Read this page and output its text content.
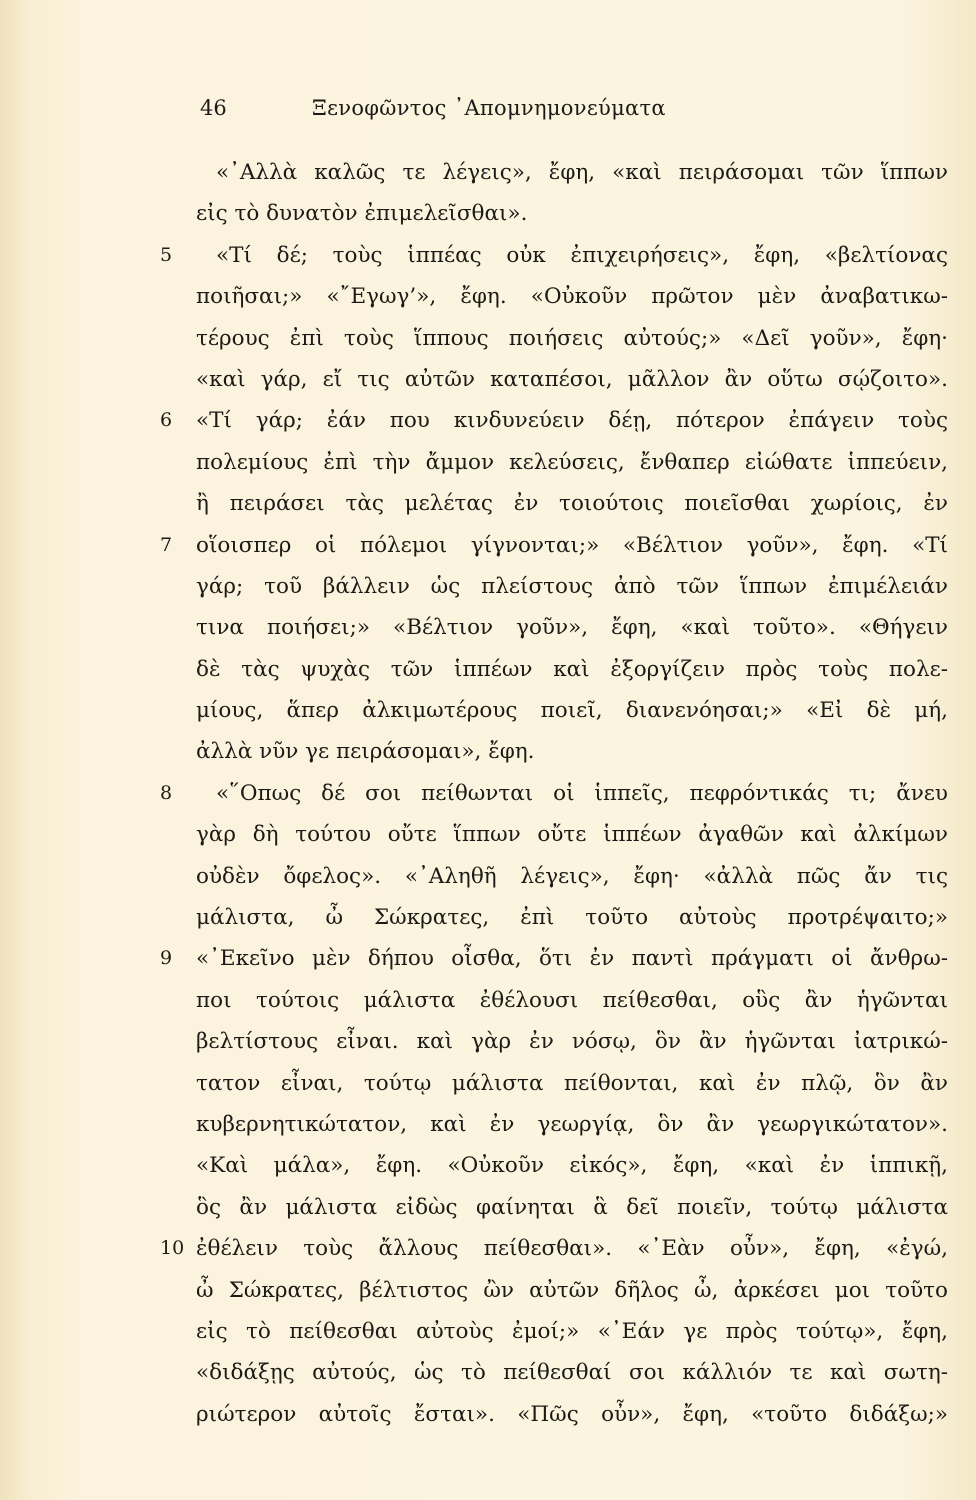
46	Ξενοφῶντος ᾿Απομνημονεύματα
«᾿Αλλὰ καλῶς τε λέγεις», ἔφη, «καὶ πειράσομαι τῶν ἵππων
εἰς τὸ δυνατὸν ἐπιμελεῖσθαι».
5	«Τί δέ; τοὺς ἱππέας οὐκ ἐπιχειρήσεις», ἔφη, «βελτίονας
ποιῆσαι;» «῎Εγωγ’», ἔφη. «Οὐκοῦν πρῶτον μὲν ἀναβατικω-
τέρους ἐπὶ τοὺς ἵππους ποιήσεις αὐτούς;» «Δεῖ γοῦν», ἔφη·
«καὶ γάρ, εἴ τις αὐτῶν καταπέσοι, μᾶλλον ἂν οὕτω σῴζοιτο».
6	«Τί γάρ; ἐάν που κινδυνεύειν δέῃ, πότερον ἐπάγειν τοὺς
πολεμίους ἐπὶ τὴν ἄμμον κελεύσεις, ἔνθαπερ εἰώθατε ἱππεύειν,
ἢ πειράσει τὰς μελέτας ἐν τοιούτοις ποιεῖσθαι χωρίοις, ἐν
7	οἵοισπερ οἱ πόλεμοι γίγνονται;» «Βέλτιον γοῦν», ἔφη. «Τί
γάρ; τοῦ βάλλειν ὡς πλείστους ἀπὸ τῶν ἵππων ἐπιμέλειάν
τινα ποιήσει;» «Βέλτιον γοῦν», ἔφη, «καὶ τοῦτο». «Θήγειν
δὲ τὰς ψυχὰς τῶν ἱππέων καὶ ἐξοργίζειν πρὸς τοὺς πολε-
μίους, ἅπερ ἀλκιμωτέρους ποιεῖ, διανενόησαι;» «Εἰ δὲ μή,
ἀλλὰ νῦν γε πειράσομαι», ἔφη.
8	«῞Οπως δέ σοι πείθωνται οἱ ἱππεῖς, πεφρόντικάς τι; ἄνευ
γὰρ δὴ τούτου οὔτε ἵππων οὔτε ἱππέων ἀγαθῶν καὶ ἀλκίμων
οὐδὲν ὄφελος». «᾿Αληθῆ λέγεις», ἔφη· «ἀλλὰ πῶς ἄν τις
μάλιστα, ὦ Σώκρατες, ἐπὶ τοῦτο αὐτοὺς προτρέψαιτο;»
9	«᾿Εκεῖνο μὲν δήπου οἶσθα, ὅτι ἐν παντὶ πράγματι οἱ ἄνθρω-
ποι τούτοις μάλιστα ἐθέλουσι πείθεσθαι, οὓς ἂν ἡγῶνται
βελτίστους εἶναι. καὶ γὰρ ἐν νόσῳ, ὃν ἂν ἡγῶνται ἰατρικώ-
τατον εἶναι, τούτῳ μάλιστα πείθονται, καὶ ἐν πλῷ, ὃν ἂν
κυβερνητικώτατον, καὶ ἐν γεωργίᾳ, ὃν ἂν γεωργικώτατον».
«Καὶ μάλα», ἔφη. «Οὐκοῦν εἰκός», ἔφη, «καὶ ἐν ἱππικῇ,
ὃς ἂν μάλιστα εἰδὼς φαίνηται ἃ δεῖ ποιεῖν, τούτῳ μάλιστα
10 ἐθέλειν τοὺς ἄλλους πείθεσθαι». «᾿Εὰν οὖν», ἔφη, «ἐγώ,
ὦ Σώκρατες, βέλτιστος ὢν αὐτῶν δῆλος ὦ, ἀρκέσει μοι τοῦτο
εἰς τὸ πείθεσθαι αὐτοὺς ἐμοί;» «᾿Εάν γε πρὸς τούτῳ», ἔφη,
«διδάξῃς αὐτούς, ὡς τὸ πείθεσθαί σοι κάλλιόν τε καὶ σωτη-
ριώτερον αὐτοῖς ἔσται». «Πῶς οὖν», ἔφη, «τοῦτο διδάξω;»
